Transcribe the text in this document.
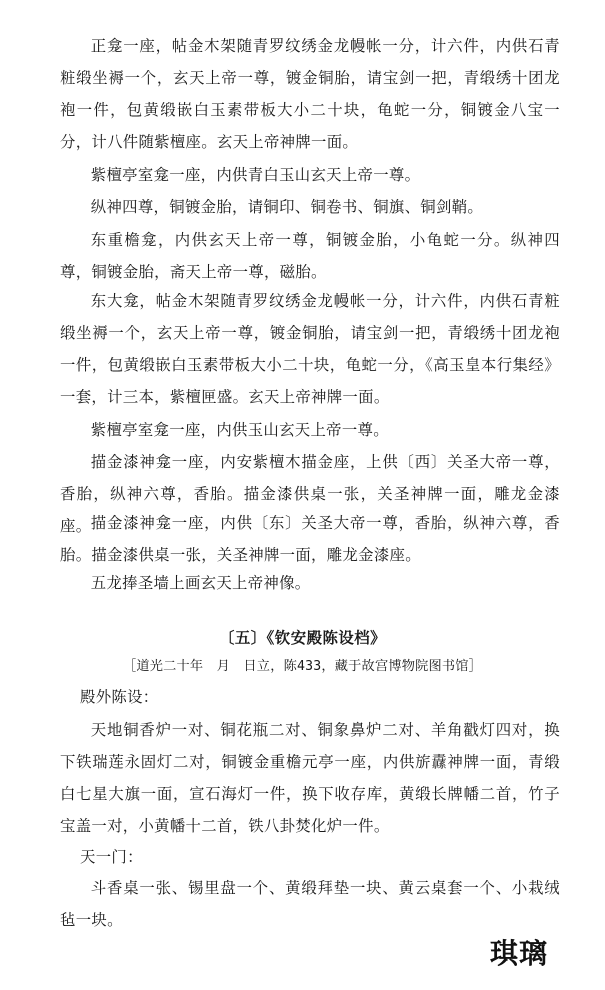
正龛一座，帖金木架随青罗纹绣金龙幔帐一分，计六件，内供石青粧缎坐褥一个，玄天上帝一尊，镀金铜胎，请宝剑一把，青缎绣十团龙袍一件，包黄缎嵌白玉素带板大小二十块，龟蛇一分，铜镀金八宝一分，计八件随紫檀座。玄天上帝神牌一面。

紫檀亭室龛一座，内供青白玉山玄天上帝一尊。

纵神四尊，铜镀金胎，请铜印、铜卷书、铜旗、铜剑鞘。

东重檐龛，内供玄天上帝一尊，铜镀金胎，小龟蛇一分。纵神四尊，铜镀金胎，斋天上帝一尊，磁胎。

东大龛，帖金木架随青罗纹绣金龙幔帐一分，计六件，内供石青粧缎坐褥一个，玄天上帝一尊，镀金铜胎，请宝剑一把，青缎绣十团龙袍一件，包黄缎嵌白玉素带板大小二十块，龟蛇一分，《高玉皇本行集经》一套，计三本，紫檀匣盛。玄天上帝神牌一面。

紫檀亭室龛一座，内供玉山玄天上帝一尊。

描金漆神龛一座，内安紫檀木描金座，上供〔西〕关圣大帝一尊，香胎，纵神六尊，香胎。描金漆供桌一张，关圣神牌一面，雕龙金漆座。 描金漆神龛一座，内供〔东〕关圣大帝一尊，香胎，纵神六尊，香胎。描金漆供桌一张，关圣神牌一面，雕龙金漆座。

五龙捧圣墙上画玄天上帝神像。

〔五〕《钦安殿陈设档》
［道光二十年　月　日立，陈433，藏于故宫博物院图书馆］

殿外陈设：

天地铜香炉一对、铜花瓶二对、铜象鼻炉二对、羊角戳灯四对，换下铁瑞莲永固灯二对，铜镀金重檐元亭一座，内供旂纛神牌一面，青缎白七星大旗一面，宣石海灯一件，换下收存库，黄缎长牌幡二首，竹子宝盖一对，小黄幡十二首，铁八卦焚化炉一件。

天一门：

斗香桌一张、锡里盘一个、黄缎拜垫一块、黄云桌套一个、小栽绒毡一块。

琪璃
